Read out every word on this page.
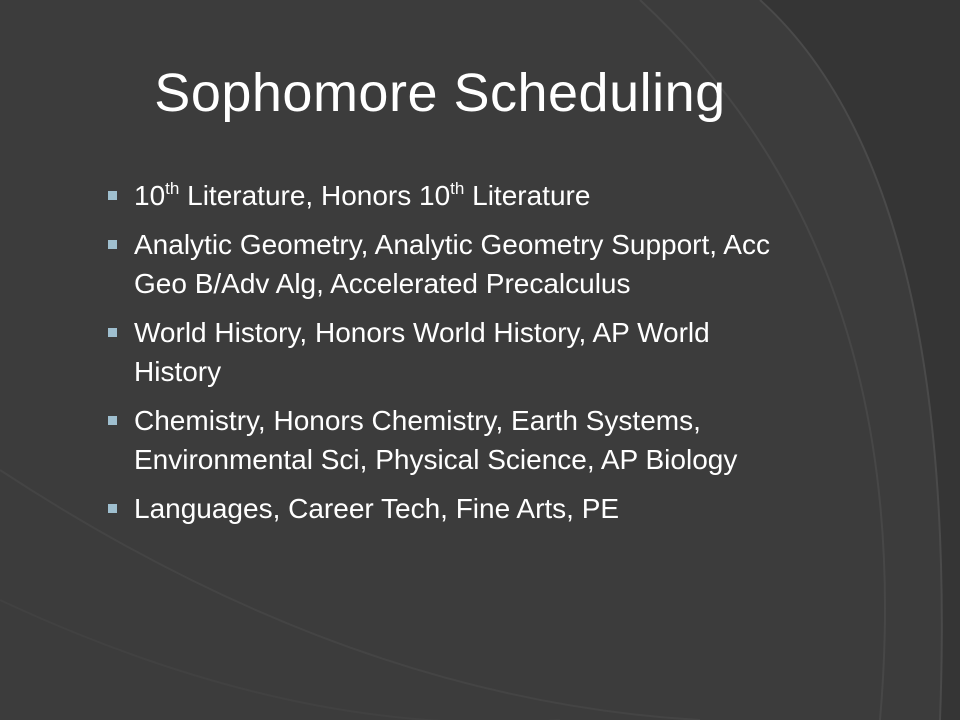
Sophomore Scheduling
10th Literature, Honors 10th Literature
Analytic Geometry, Analytic Geometry Support, Acc Geo B/Adv Alg, Accelerated Precalculus
World History, Honors World History, AP World History
Chemistry, Honors Chemistry, Earth Systems, Environmental Sci, Physical Science, AP Biology
Languages, Career Tech, Fine Arts, PE
